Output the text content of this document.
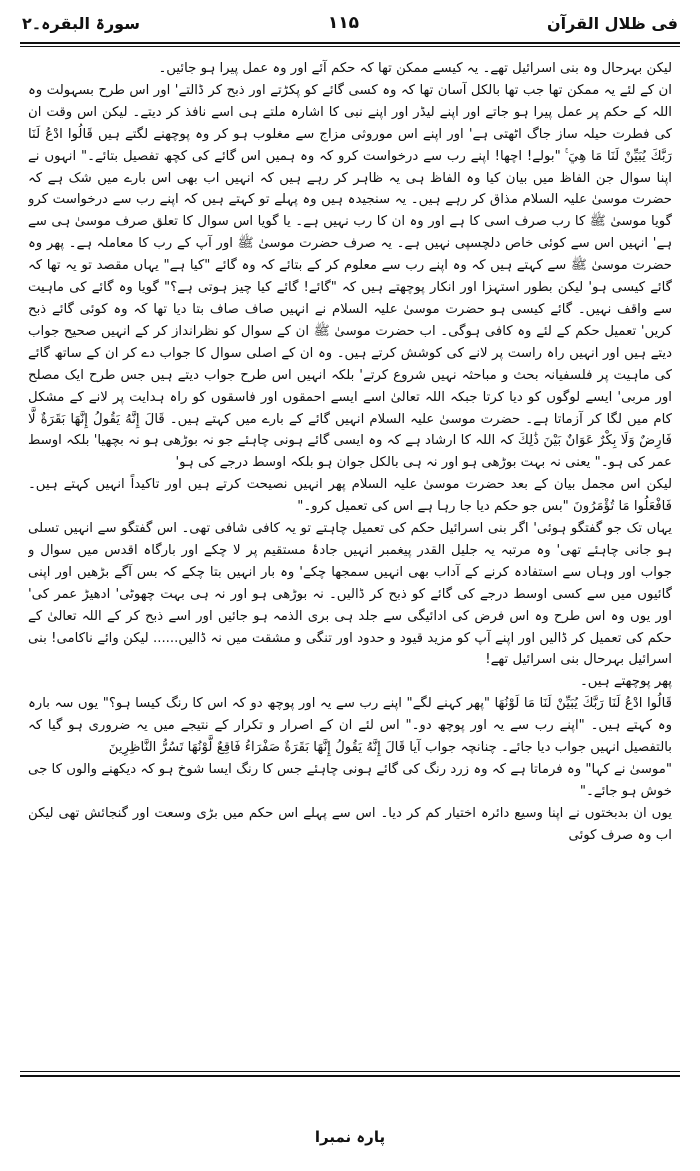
فی ظلال القرآن
۱۱۵
سورۃ البقرہ۔۲

لیکن بہرحال وہ بنی اسرائیل تھے۔ یہ کیسے ممکن تھا کہ حکم آئے اور وہ عمل پیرا ہو جائیں۔

ان کے لئے یہ ممکن تھا جب تھا بالکل آسان تھا کہ وہ کسی گائے کو پکڑتے اور ذبح کر ڈالتے' اور اس طرح بسہولت وہ اللہ کے حکم پر عمل پیرا ہو جاتے اور اپنے لیڈر اور اپنے نبی کا اشارہ ملتے ہی اسے نافذ کر دیتے۔ لیکن اس وقت ان کی فطرت حیلہ ساز جاگ اٹھتی ہے' اور اپنے اس موروثی مزاج سے مغلوب ہو کر وہ پوچھنے لگتے ہیں قَالُوا ادْعُ لَنَا رَبَّكَ يُبَيِّنْ لَنَا مَا هِيَ ۚ "بولے! اچھا! اپنے رب سے درخواست کرو کہ وہ ہمیں اس گائے کی کچھ تفصیل بتائے۔" انہوں نے اپنا سوال جن الفاظ میں بیان کیا وہ الفاظ ہی یہ ظاہر کر رہے ہیں کہ انہیں اب بھی اس بارے میں شک ہے کہ حضرت موسیٰ علیہ السلام مذاق کر رہے ہیں۔ یہ سنجیدہ ہیں وہ پہلے تو کہتے ہیں کہ اپنے رب سے درخواست کرو گویا موسیٰ ﷺ کا رب صرف اسی کا ہے اور وہ ان کا رب نہیں ہے۔ یا گویا اس سوال کا تعلق صرف موسیٰ ہی سے ہے' انہیں اس سے کوئی خاص دلچسپی نہیں ہے۔ یہ صرف حضرت موسیٰ ﷺ اور آپ کے رب کا معاملہ ہے۔ پھر وہ حضرت موسیٰ ﷺ سے کہتے ہیں کہ وہ اپنے رب سے معلوم کر کے بتائے کہ وہ گائے "کیا ہے" یہاں مقصد تو یہ تھا کہ گائے کیسی ہو' لیکن بطور استہزا اور انکار پوچھتے ہیں کہ "گائے! گائے کیا چیز ہوتی ہے؟" گویا وہ گائے کی ماہیت سے واقف نہیں۔ گائے کیسی ہو حضرت موسیٰ علیہ السلام نے انہیں صاف صاف بتا دیا تھا کہ وہ کوئی گائے ذبح کریں' تعمیل حکم کے لئے وہ کافی ہوگی۔ اب حضرت موسیٰ ﷺ ان کے سوال کو نظرانداز کر کے انہیں صحیح جواب دیتے ہیں اور انہیں راہ راست پر لانے کی کوشش کرتے ہیں۔ وہ ان کے اصلی سوال کا جواب دے کر ان کے ساتھ گائے کی ماہیت پر فلسفیانہ بحث و مباحثہ نہیں شروع کرتے' بلکہ انہیں اس طرح جواب دیتے ہیں جس طرح ایک مصلح اور مربی' ایسے لوگوں کو دیا کرتا جبکہ اللہ تعالیٰ اسے ایسے احمقوں اور فاسقوں کو راہ ہدایت پر لانے کے مشکل کام میں لگا کر آزماتا ہے۔ حضرت موسیٰ علیہ السلام انہیں گائے کے بارے میں کہتے ہیں۔ قَالَ إِنَّهُ يَقُولُ إِنَّهَا بَقَرَةٌ لَّا فَارِضٌ وَلَا بِكْرٌ عَوَانٌ بَيْنَ ذَٰلِكَ کہ اللہ کا ارشاد ہے کہ وہ ایسی گائے ہونی چاہئے جو نہ بوڑھی ہو نہ بچھیا' بلکہ اوسط عمر کی ہو۔" یعنی نہ بہت بوڑھی ہو اور نہ ہی بالکل جوان ہو بلکہ اوسط درجے کی ہو'

لیکن اس مجمل بیان کے بعد حضرت موسیٰ علیہ السلام پھر انہیں نصیحت کرتے ہیں اور تاکیداً انہیں کہتے ہیں۔ فَافْعَلُوا مَا تُؤْمَرُونَ "بس جو حکم دیا جا رہا ہے اس کی تعمیل کرو۔"

یہاں تک جو گفتگو ہوئی' اگر بنی اسرائیل حکم کی تعمیل چاہتے تو یہ کافی شافی تھی۔ اس گفتگو سے انہیں تسلی ہو جانی چاہئے تھی' وہ مرتبہ یہ جلیل القدر پیغمبر انہیں جادۂ مستقیم پر لا چکے اور بارگاہ اقدس میں سوال و جواب اور وہاں سے استفادہ کرنے کے آداب بھی انہیں سمجھا چکے' وہ بار انہیں بتا چکے کہ بس آگے بڑھیں اور اپنی گائیوں میں سے کسی اوسط درجے کی گائے کو ذبح کر ڈالیں۔ نہ بوڑھی ہو اور نہ ہی بہت چھوٹی' ادھیڑ عمر کی' اور یوں وہ اس طرح وہ اس فرض کی ادائیگی سے جلد ہی بری الذمہ ہو جائیں اور اسے ذبح کر کے اللہ تعالیٰ کے حکم کی تعمیل کر ڈالیں اور اپنے آپ کو مزید قیود و حدود اور تنگی و مشقت میں نہ ڈالیں...... لیکن وائے ناکامی! بنی اسرائیل بہرحال بنی اسرائیل تھے!

پھر پوچھتے ہیں۔

قَالُوا ادْعُ لَنَا رَبَّكَ يُبَيِّنْ لَنَا مَا لَوْنُهَا "پھر کہنے لگے" اپنے رب سے یہ اور پوچھ دو کہ اس کا رنگ کیسا ہو؟" یوں سہ بارہ وہ کہتے ہیں۔ "اپنے رب سے یہ اور پوچھ دو۔" اس لئے ان کے اصرار و تکرار کے نتیجے میں یہ ضروری ہو گیا کہ بالتفصیل انہیں جواب دیا جائے۔ چنانچہ جواب آیا قَالَ إِنَّهُ يَقُولُ إِنَّهَا بَقَرَةٌ صَفْرَاءُ فَاقِعٌ لَّوْنُهَا تَسُرُّ النَّاظِرِينَ

"موسیٰ نے کہا" وہ فرماتا ہے کہ وہ زرد رنگ کی گائے ہونی چاہئے جس کا رنگ ایسا شوخ ہو کہ دیکھنے والوں کا جی خوش ہو جائے۔"

یوں ان بدبختوں نے اپنا وسیع دائرہ اختیار کم کر دیا۔ اس سے پہلے اس حکم میں بڑی وسعت اور گنجائش تھی لیکن اب وہ صرف کوئی

پارہ نمبرا
